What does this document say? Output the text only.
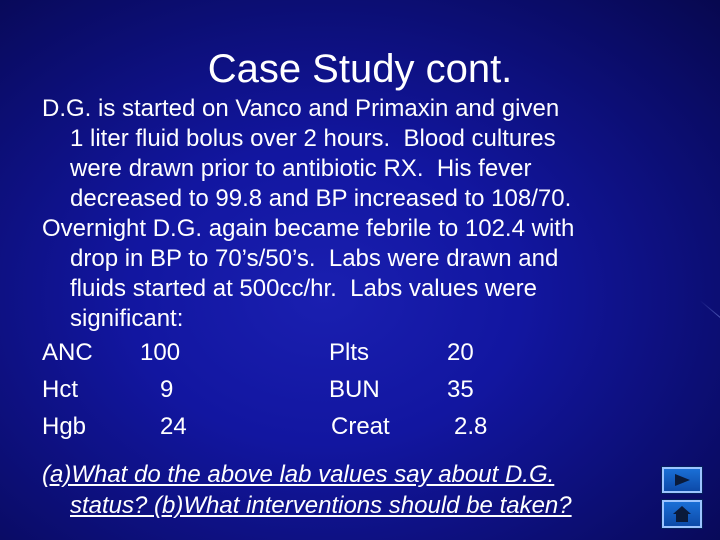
Case Study cont.

D.G. is started on Vanco and Primaxin and given
1 liter fluid bolus over 2 hours.  Blood cultures
were drawn prior to antibiotic RX.  His fever
decreased to 99.8 and BP increased to 108/70.

Overnight D.G. again became febrile to 102.4 with
drop in BP to 70’s/50’s.  Labs were drawn and
fluids started at 500cc/hr.  Labs values were
significant:

ANC 100	Plts	20
Hct	9	BUN	35
Hgb	24	Creat	2.8
(a)What do the above lab values say about D.G.
status? (b)What interventions should be taken?
